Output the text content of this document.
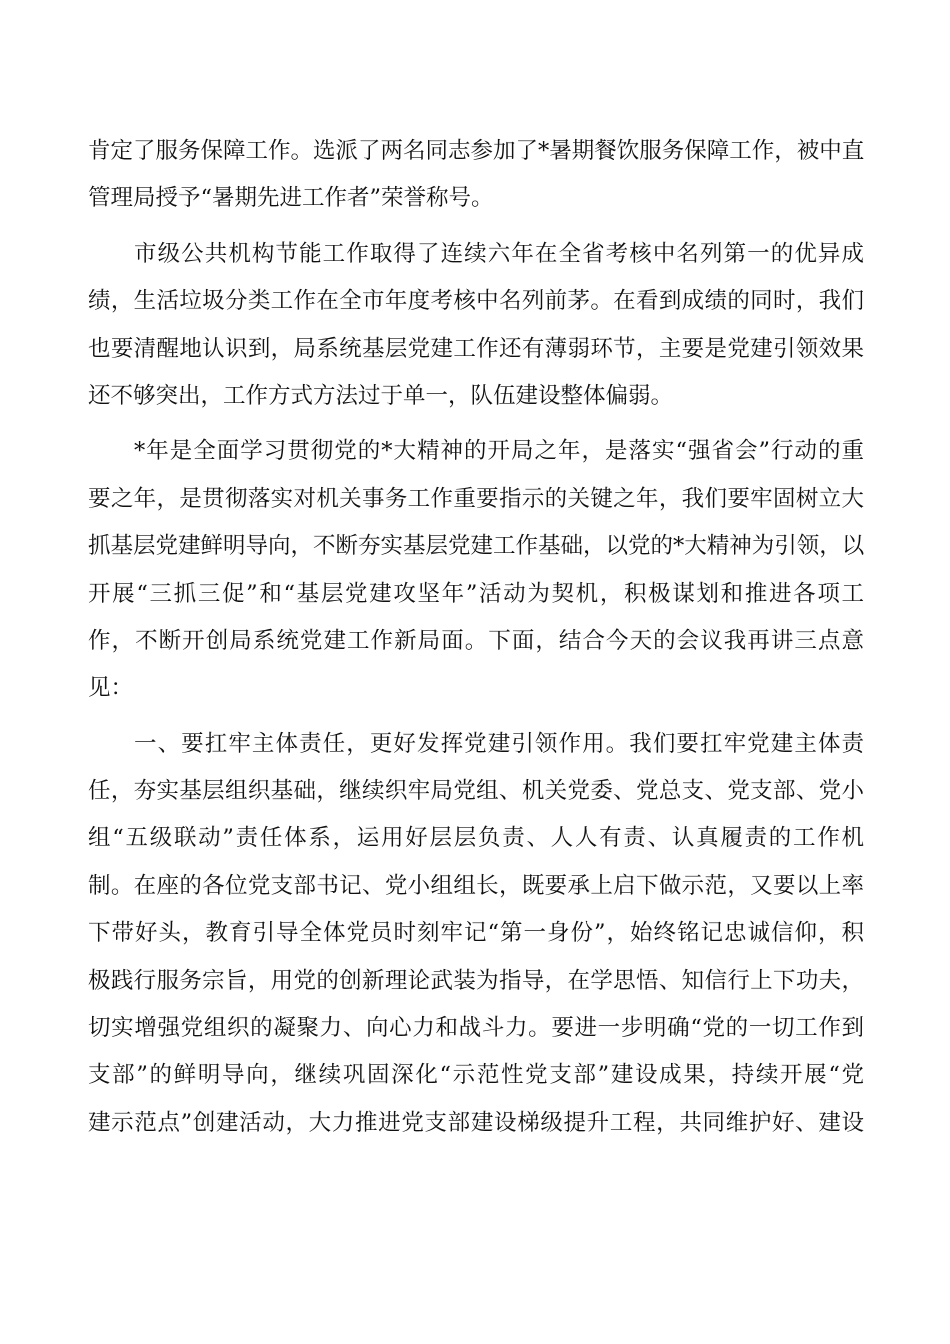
肯定了服务保障工作。选派了两名同志参加了*暑期餐饮服务保障工作，被中直
管理局授予“暑期先进工作者”荣誉称号。
市级公共机构节能工作取得了连续六年在全省考核中名列第一的优异成
绩，生活垃圾分类工作在全市年度考核中名列前茅。在看到成绩的同时，我们
也要清醒地认识到，局系统基层党建工作还有薄弱环节，主要是党建引领效果
还不够突出，工作方式方法过于单一，队伍建设整体偏弱。
*年是全面学习贯彻党的*大精神的开局之年，是落实“强省会”行动的重
要之年，是贯彻落实对机关事务工作重要指示的关键之年，我们要牢固树立大
抓基层党建鲜明导向，不断夯实基层党建工作基础，以党的*大精神为引领，以
开展“三抓三促”和“基层党建攻坚年”活动为契机，积极谋划和推进各项工
作，不断开创局系统党建工作新局面。下面，结合今天的会议我再讲三点意
见：
一、要扛牢主体责任，更好发挥党建引领作用。我们要扛牢党建主体责
任，夯实基层组织基础，继续织牢局党组、机关党委、党总支、党支部、党小
组“五级联动”责任体系，运用好层层负责、人人有责、认真履责的工作机
制。在座的各位党支部书记、党小组组长，既要承上启下做示范，又要以上率
下带好头，教育引导全体党员时刻牢记“第一身份”，始终铭记忠诚信仰，积
极践行服务宗旨，用党的创新理论武装为指导，在学思悟、知信行上下功夫，
切实增强党组织的凝聚力、向心力和战斗力。要进一步明确“党的一切工作到
支部”的鲜明导向，继续巩固深化“示范性党支部”建设成果，持续开展“党
建示范点”创建活动，大力推进党支部建设梯级提升工程，共同维护好、建设
